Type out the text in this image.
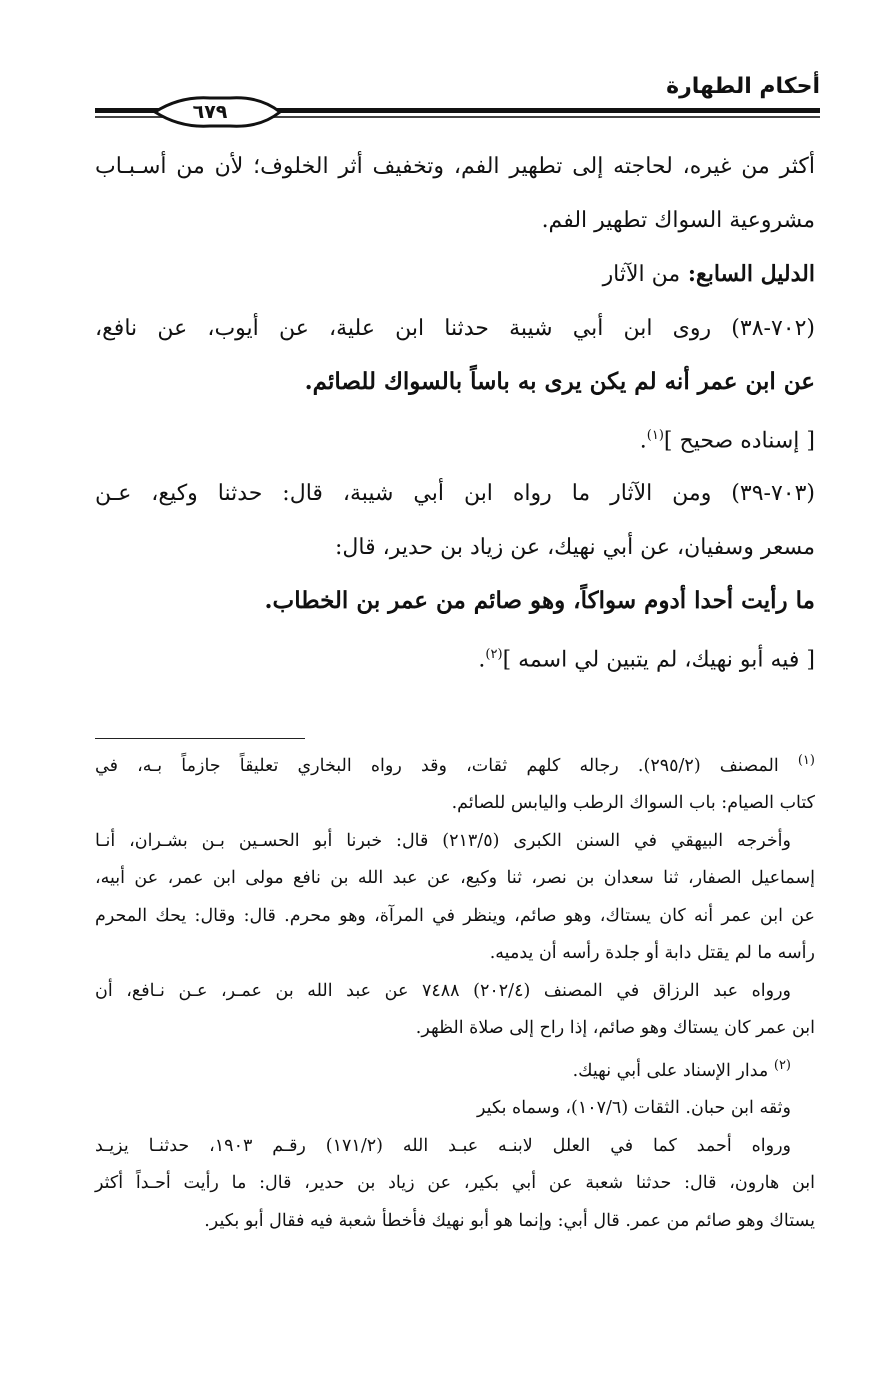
أحكام الطهارة
٦٧٩

أكثر من غيره، لحاجته إلى تطهير الفم، وتخفيف أثر الخلوف؛ لأن من أسـبـاب

مشروعية السواك تطهير الفم.

الدليل السابع: من الآثار

(٧٠٢-٣٨) روى ابن أبي شيبة حدثنا ابن علية، عن أيوب، عن نافع،

عن ابن عمر أنه لم يكن يرى به باساً بالسواك للصائم.

[ إسناده صحيح ]$^{(١)}$.

(٧٠٣-٣٩) ومن الآثار ما رواه ابن أبي شيبة، قال: حدثنا وكيع، عـن

مسعر وسفيان، عن أبي نهيك، عن زياد بن حدير، قال:

ما رأيت أحدا أدوم سواكاً، وهو صائم من عمر بن الخطاب.

[ فيه أبو نهيك، لم يتبين لي اسمه ]$^{(٢)}$.

$^{(١)}$ المصنف (٢٩٥/٢). رجاله كلهم ثقات، وقد رواه البخاري تعليقاً جازماً بـه، في

كتاب الصيام: باب السواك الرطب واليابس للصائم.

وأخرجه البيهقي في السنن الكبرى (٢١٣/٥) قال: خبرنا أبو الحسـين بـن بشـران، أنـا

إسماعيل الصفار، ثنا سعدان بن نصر، ثنا وكيع، عن عبد الله بن نافع مولى ابن عمر، عن أبيه،

عن ابن عمر أنه كان يستاك، وهو صائم، وينظر في المرآة، وهو محرم. قال: وقال: يحك المحرم

رأسه ما لم يقتل دابة أو جلدة رأسه أن يدميه.

ورواه عبد الرزاق في المصنف (٢٠٢/٤) ٧٤٨٨ عن عبد الله بن عمـر، عـن نـافع، أن

ابن عمر كان يستاك وهو صائم، إذا راح إلى صلاة الظهر.

$^{(٢)}$ مدار الإسناد على أبي نهيك.

وثقه ابن حبان. الثقات (١٠٧/٦)، وسماه بكير

ورواه أحمد كما في العلل لابنـه عبـد الله (١٧١/٢) رقـم ١٩٠٣، حدثنـا يزيـد

ابن هارون، قال: حدثنا شعبة عن أبي بكير، عن زياد بن حدير، قال: ما رأيت أحـداً أكثر

يستاك وهو صائم من عمر. قال أبي: وإنما هو أبو نهيك فأخطأ شعبة فيه فقال أبو بكير.
